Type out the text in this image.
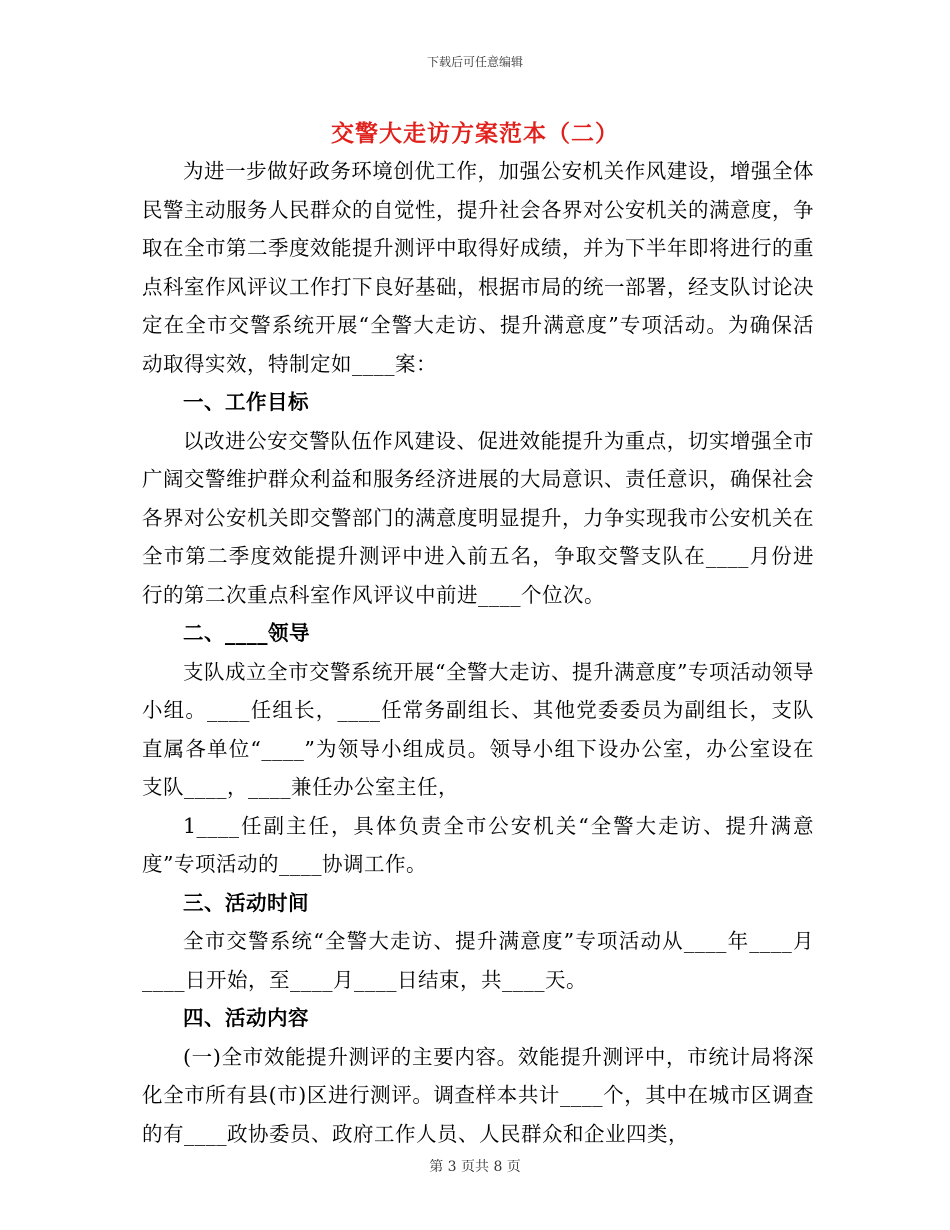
下载后可任意编辑
交警大走访方案范本（二）

为进一步做好政务环境创优工作，加强公安机关作风建设，增强全体民警主动服务人民群众的自觉性，提升社会各界对公安机关的满意度，争取在全市第二季度效能提升测评中取得好成绩，并为下半年即将进行的重点科室作风评议工作打下良好基础，根据市局的统一部署，经支队讨论决定在全市交警系统开展“全警大走访、提升满意度”专项活动。为确保活动取得实效，特制定如____案：

一、工作目标

以改进公安交警队伍作风建设、促进效能提升为重点，切实增强全市广阔交警维护群众利益和服务经济进展的大局意识、责任意识，确保社会各界对公安机关即交警部门的满意度明显提升，力争实现我市公安机关在全市第二季度效能提升测评中进入前五名，争取交警支队在____月份进行的第二次重点科室作风评议中前进____个位次。

二、____领导

支队成立全市交警系统开展“全警大走访、提升满意度”专项活动领导小组。____任组长，____任常务副组长、其他党委委员为副组长，支队直属各单位“____”为领导小组成员。领导小组下设办公室，办公室设在支队____，____兼任办公室主任，

1____任副主任，具体负责全市公安机关“全警大走访、提升满意度”专项活动的____协调工作。

三、活动时间

全市交警系统“全警大走访、提升满意度”专项活动从____年____月____日开始，至____月____日结束，共____天。

四、活动内容

(一)全市效能提升测评的主要内容。效能提升测评中，市统计局将深化全市所有县(市)区进行测评。调查样本共计____个，其中在城市区调查的有____政协委员、政府工作人员、人民群众和企业四类，

第 3 页共 8 页
